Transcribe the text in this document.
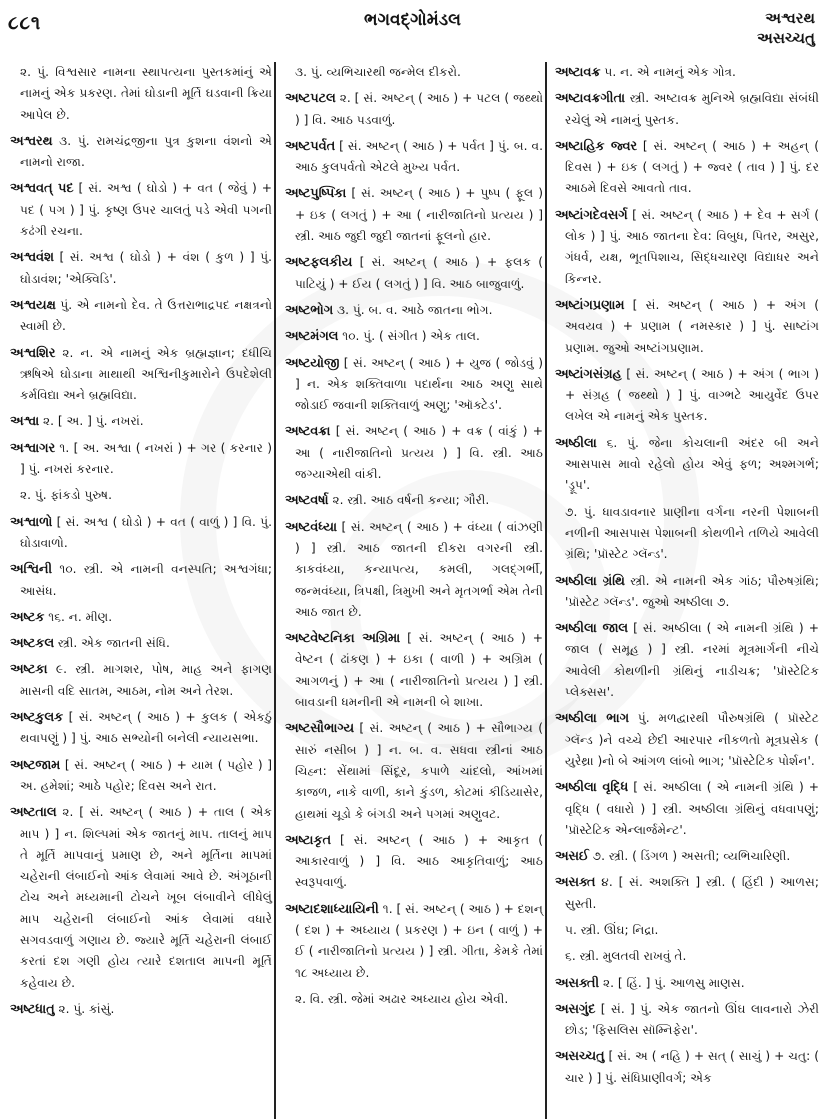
૮૮૧	ભગવદ્ગોમંડલ	અશ્વરથ
અસચ્ચતુ

૨. પું. વિશ્વસાર નામના સ્થાપત્યના પુસ્તકમાંનું એ નામનું એક પ્રકરણ. તેમાં ઘોડાની મૂર્તિ ઘડવાની ક્રિયા આપેલ છે.

અશ્વરથ ૩. પું. રામચંદ્રજીના પુત્ર કુશના વંશનો એ નામનો રાજા.

અશ્વવત્ પદ [ સં. અશ્વ ( ઘોડો ) + વત ( જેવું ) + પદ ( પગ ) ] પું. કૃષ્ણ ઉપર ચાલતું પડે એવી પગની કઢંગી રચના.

અશ્વવંશ [ સં. અશ્વ ( ઘોડો ) + વંશ ( કુળ ) ] પું. ઘોડાવંશ; 'એક્વિડિ'.

અશ્વયક્ષ પું. એ નામનો દેવ. તે ઉત્તરાભાદ્રપદ નક્ષત્રનો સ્વામી છે.

અશ્વશિર ૨. ન. એ નામનું એક બ્રહ્મજ્ઞાન; દધીચિ ઋષિએ ઘોડાના માથાથી અશ્વિનીકુમારોને ઉપદેશેલી કર્મવિદ્યા અને બ્રહ્મવિદ્યા.

અશ્વા ૨. [ અ. ] પું. નખરાં.

અશ્વાગર ૧. [ અ. અશ્વા ( નખરાં ) + ગર ( કરનાર ) ] પું. નખરાં કરનાર.

૨. પું. ફાંકડો પુરુષ.

અશ્વાળો [ સં. અશ્વ ( ઘોડો ) + વત ( વાળું ) ] વિ. પું. ઘોડાવાળો.

અશ્વિની ૧૦. સ્ત્રી. એ નામની વનસ્પતિ; અશ્વગંધા; આસંધ.

અષ્ટક ૧૬. ન. મીણ.

અષ્ટકલ સ્ત્રી. એક જાતની સંધિ.

અષ્ટકા ૯. સ્ત્રી. માગશર, પોષ, માહ અને ફાગણ માસની વદિ સાતમ, આઠમ, નોમ અને તેરશ.

અષ્ટકુલક [ સં. અષ્ટન્ ( આઠ ) + કુલક ( એકઠું થવાપણું ) ] પું. આઠ સભ્યોની બનેલી ન્યાયસભા.

અષ્ટજામ [ સં. અષ્ટન્ ( આઠ ) + યામ ( પહોર ) ] અ. હમેશાં; આઠે પહોર; દિવસ અને રાત.

અષ્ટતાલ ૨. [ સં. અષ્ટન્ ( આઠ ) + તાલ ( એક માપ ) ] ન. શિલ્પમાં એક જાતનું માપ. તાલનું માપ તે મૂર્તિ માપવાનું પ્રમાણ છે, અને મૂર્તિના માપમાં ચહેરાની લંબાઈનો આંક લેવામાં આવે છે. અંગૂઠાની ટોચ અને મધ્યમાની ટોચને ખૂબ લંબાવીને લીધેલું માપ ચહેરાની લંબાઈનો આંક લેવામાં વધારે સગવડવાળું ગણાય છે. જ્યારે મૂર્તિ ચહેરાની લંબાઈ કરતાં દશ ગણી હોય ત્યારે દશતાલ માપની મૂર્તિ કહેવાય છે.

અષ્ટધાતુ ૨. પું. કાંસું.

૩. પું. વ્યભિચારથી જન્મેલ દીકરો.

અષ્ટપટલ ૨. [ સં. અષ્ટન્ ( આઠ ) + પટલ ( જથ્થો ) ] વિ. આઠ પડવાળું.

અષ્ટપર્વત [ સં. અષ્ટન્ ( આઠ ) + પર્વત ] પું. બ. વ. આઠ કુલપર્વતો એટલે મુખ્ય પર્વત.

અષ્ટપુષ્પિકા [ સં. અષ્ટન્ ( આઠ ) + પુષ્પ ( ફૂલ ) + ઇક ( લગતું ) + આ ( નારીજાતિનો પ્રત્યય ) ] સ્ત્રી. આઠ જુદી જુદી જાતનાં ફૂલનો હાર.

અષ્ટફલકીય [ સં. અષ્ટન્ ( આઠ ) + ફલક ( પાટિયું ) + ઈય ( લગતું ) ] વિ. આઠ બાજુવાળું.

અષ્ટભોગ ૩. પું. બ. વ. આઠે જાતના ભોગ.

અષ્ટમંગલ ૧૦. પું. ( સંગીત ) એક તાલ.

અષ્ટયોજી [ સં. અષ્ટન્ ( આઠ ) + યુજ ( જોડવું ) ] ન. એક શક્તિવાળા પદાર્થના આઠ અણુ સાથે જોડાઈ જવાની શક્તિવાળું અણુ; 'ઑક્ટેડ'.

અષ્ટવક્રા [ સં. અષ્ટન્ ( આઠ ) + વક્ર ( વાંકું ) + આ ( નારીજાતિનો પ્રત્યય ) ] વિ. સ્ત્રી. આઠ જગ્યાએથી વાંકી.

અષ્ટવર્ષા ૨. સ્ત્રી. આઠ વર્ષની કન્યા; ગૌરી.

અષ્ટવંધ્યા [ સં. અષ્ટન્ ( આઠ ) + વંધ્યા ( વાંઝણી ) ] સ્ત્રી. આઠ જાતની દીકરા વગરની સ્ત્રી. કાકવંધ્યા, કન્યાપત્ય, કમલી, ગલદ્ગર્ભી, જન્મવંધ્યા, ત્રિપક્ષી, ત્રિમુખી અને મૃતગર્ભા એમ તેની આઠ જાત છે.

અષ્ટવેષ્ટનિકા અગ્રિમા [ સં. અષ્ટન્ ( આઠ ) + વેષ્ટન ( ઢાંકણ ) + ઇકા ( વાળી ) + અગ્રિમ ( આગળનું ) + આ ( નારીજાતિનો પ્રત્યય ) ] સ્ત્રી. બાવડાની ધમનીની એ નામની બે શાખા.

અષ્ટસૌભાગ્ય [ સં. અષ્ટન્ ( આઠ ) + સૌભાગ્ય ( સારું નસીબ ) ] ન. બ. વ. સધવા સ્ત્રીનાં આઠ ચિહ્ન: સેંથામાં સિંદૂર, કપાળે ચાંદલો, આંખમાં કાજળ, નાકે વાળી, કાને કુંડળ, કોટમાં કીડિયાસેર, હાથમાં ચૂડો કે બંગડી અને પગમાં અણુવટ.

અષ્ટાકૃત [ સં. અષ્ટન્ ( આઠ ) + આકૃત ( આકારવાળું ) ] વિ. આઠ આકૃતિવાળું; આઠ સ્વરૂપવાળું.

અષ્ટાદશાધ્યાયિની ૧. [ સં. અષ્ટન્ ( આઠ ) + દશન્ ( દશ ) + અધ્યાય ( પ્રકરણ ) + ઇન ( વાળું ) + ઈ ( નારીજાતિનો પ્રત્યય ) ] સ્ત્રી. ગીતા, કેમકે તેમાં ૧૮ અધ્યાય છે.

૨. વિ. સ્ત્રી. જેમાં અઢાર અધ્યાય હોય એવી.

અષ્ટાવક્ર ૫. ન. એ નામનું એક ગોત્ર.

અષ્ટાવક્રગીતા સ્ત્રી. અષ્ટાવક્ર મુનિએ બ્રહ્મવિદ્યા સંબંધી રચેલું એ નામનું પુસ્તક.

અષ્ટાહિક જ્વર [ સં. અષ્ટન્ ( આઠ ) + અહન્ ( દિવસ ) + ઇક ( લગતું ) + જ્વર ( તાવ ) ] પું. દર આઠમે દિવસે આવતો તાવ.

અષ્ટાંગદેવસર્ગ [ સં. અષ્ટન્ ( આઠ ) + દેવ + સર્ગ ( લોક ) ] પું. આઠ જાતના દેવ: વિબુધ, પિતર, અસુર, ગંધર્વ, યક્ષ, ભૂતપિશાચ, સિદ્ધચારણ વિદ્યાધર અને કિન્નર.

અષ્ટાંગપ્રણામ [ સં. અષ્ટન્ ( આઠ ) + અંગ ( અવયવ ) + પ્રણામ ( નમસ્કાર ) ] પું. સાષ્ટાંગ પ્રણામ. જુઓ અષ્ટાંગપ્રણામ.

અષ્ટાંગસંગ્રહ [ સં. અષ્ટન્ ( આઠ ) + અંગ ( ભાગ ) + સંગ્રહ ( જથ્થો ) ] પું. વાગ્ભટે આયુર્વેદ ઉપર લખેલ એ નામનું એક પુસ્તક.

અષ્ઠીલા ૬. પું. જેના કોચલાની અંદર બી અને આસપાસ માવો રહેલો હોય એવું ફળ; અશ્મગર્ભ; 'ડ્રૂપ'.

૭. પું. ધાવડાવનાર પ્રાણીના વર્ગના નરની પેશાબની નળીની આસપાસ પેશાબની કોથળીને તળિયે આવેલી ગ્રંથિ; 'પ્રૉસ્ટેટ ગ્લૅન્ડ'.

અષ્ઠીલા ગ્રંથિ સ્ત્રી. એ નામની એક ગાંઠ; પૌરુષગ્રંથિ; 'પ્રૉસ્ટેટ ગ્લૅન્ડ'. જુઓ અષ્ઠીલા ૭.

અષ્ઠીલા જાલ [ સં. અષ્ઠીલા ( એ નામની ગ્રંથિ ) + જાલ ( સમૂહ ) ] સ્ત્રી. નરમાં મૂત્રમાર્ગની નીચે આવેલી કોથળીની ગ્રંથિનું નાડીચક્ર; 'પ્રૉસ્ટેટિક પ્લેક્સસ'.

અષ્ઠીલા ભાગ પું. મળદ્વારથી પૌરુષગ્રંથિ ( પ્રૉસ્ટેટ ગ્લૅન્ડ )ને વચ્ચે છેદી આરપાર નીકળતો મૂત્રપ્રસેક ( યુરેથ્રા )નો બે આંગળ લાંબો ભાગ; 'પ્રૉસ્ટેટિક પોર્શન'.

અષ્ઠીલા વૃદ્ધિ [ સં. અષ્ઠીલા ( એ નામની ગ્રંથિ ) + વૃદ્ધિ ( વધારો ) ] સ્ત્રી. અષ્ઠીલા ગ્રંથિનું વધવાપણું; 'પ્રૉસ્ટેટિક એન્લાર્જમેન્ટ'.

અસઈ ૭. સ્ત્રી. ( ડિંગળ ) અસતી; વ્યભિચારિણી.

અસક્ત ૪. [ સં. અશક્તિ ] સ્ત્રી. ( હિંદી ) આળસ; સુસ્તી.

૫. સ્ત્રી. ઊંઘ; નિદ્રા.

૬. સ્ત્રી. મુલતવી રાખવું તે.

અસક્તી ૨. [ હિં. ] પું. આળસુ માણસ.

અસગુંદ [ સં. ] પું. એક જાતનો ઊંઘ લાવનારો ઝેરી છોડ; 'ફિસલિસ સૉમ્નિફેરા'.

અસચ્ચતુ [ સં. અ ( નહિ ) + સત્ ( સાચું ) + ચતુ: ( ચાર ) ] પું. સંધિપ્રાણીવર્ગ; એક
